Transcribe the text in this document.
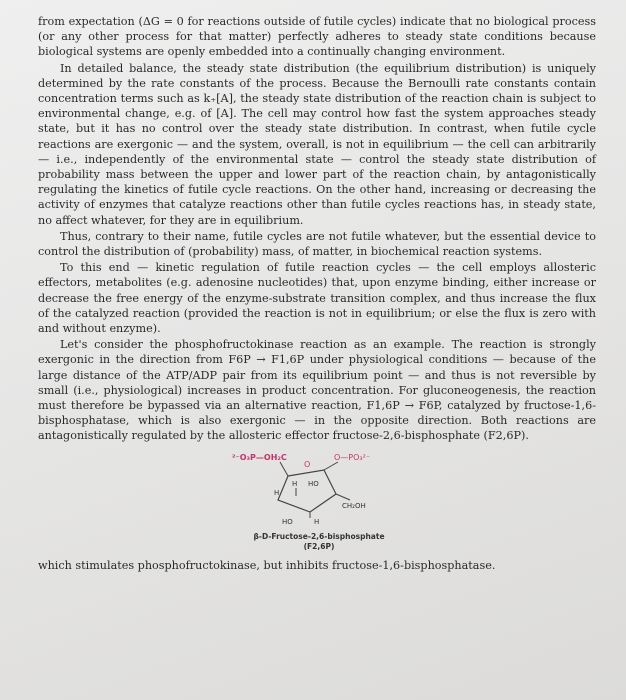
from expectation (ΔG = 0 for reactions outside of futile cycles) indicate that no biological process (or any other process for that matter) perfectly adheres to steady state conditions because biological systems are openly embedded into a continually changing environment.

In detailed balance, the steady state distribution (the equilibrium distribution) is uniquely determined by the rate constants of the process. Because the Bernoulli rate constants contain concentration terms such as k₊[A], the steady state distribution of the reaction chain is subject to environmental change, e.g. of [A]. The cell may control how fast the system approaches steady state, but it has no control over the steady state distribution. In contrast, when futile cycle reactions are exergonic — and the system, overall, is not in equilibrium — the cell can arbitrarily — i.e., independently of the environmental state — control the steady state distribution of probability mass between the upper and lower part of the reaction chain, by antagonistically regulating the kinetics of futile cycle reactions. On the other hand, increasing or decreasing the activity of enzymes that catalyze reactions other than futile cycles reactions has, in steady state, no affect whatever, for they are in equilibrium.

Thus, contrary to their name, futile cycles are not futile whatever, but the essential device to control the distribution of (probability) mass, of matter, in biochemical reaction systems.

To this end — kinetic regulation of futile reaction cycles — the cell employs allosteric effectors, metabolites (e.g. adenosine nucleotides) that, upon enzyme binding, either increase or decrease the free energy of the enzyme-substrate transition complex, and thus increase the flux of the catalyzed reaction (provided the reaction is not in equilibrium; or else the flux is zero with and without enzyme).

Let's consider the phosphofructokinase reaction as an example. The reaction is strongly exergonic in the direction from F6P → F1,6P under physiological conditions — because of the large distance of the ATP/ADP pair from its equilibrium point — and thus is not reversible by small (i.e., physiological) increases in product concentration. For gluconeogenesis, the reaction must therefore be bypassed via an alternative reaction, F1,6P → F6P, catalyzed by fructose-1,6-bisphosphatase, which is also exergonic — in the opposite direction. Both reactions are antagonistically regulated by the allosteric effector fructose-2,6-bisphosphate (F2,6P).

²⁻O₃P—OH₂C
O
O—PO₃²⁻
H HO
H
CH₂OH
HO	H
β-D-Fructose-2,6-bisphosphate
(F2,6P)

which stimulates phosphofructokinase, but inhibits fructose-1,6-bisphosphatase.
